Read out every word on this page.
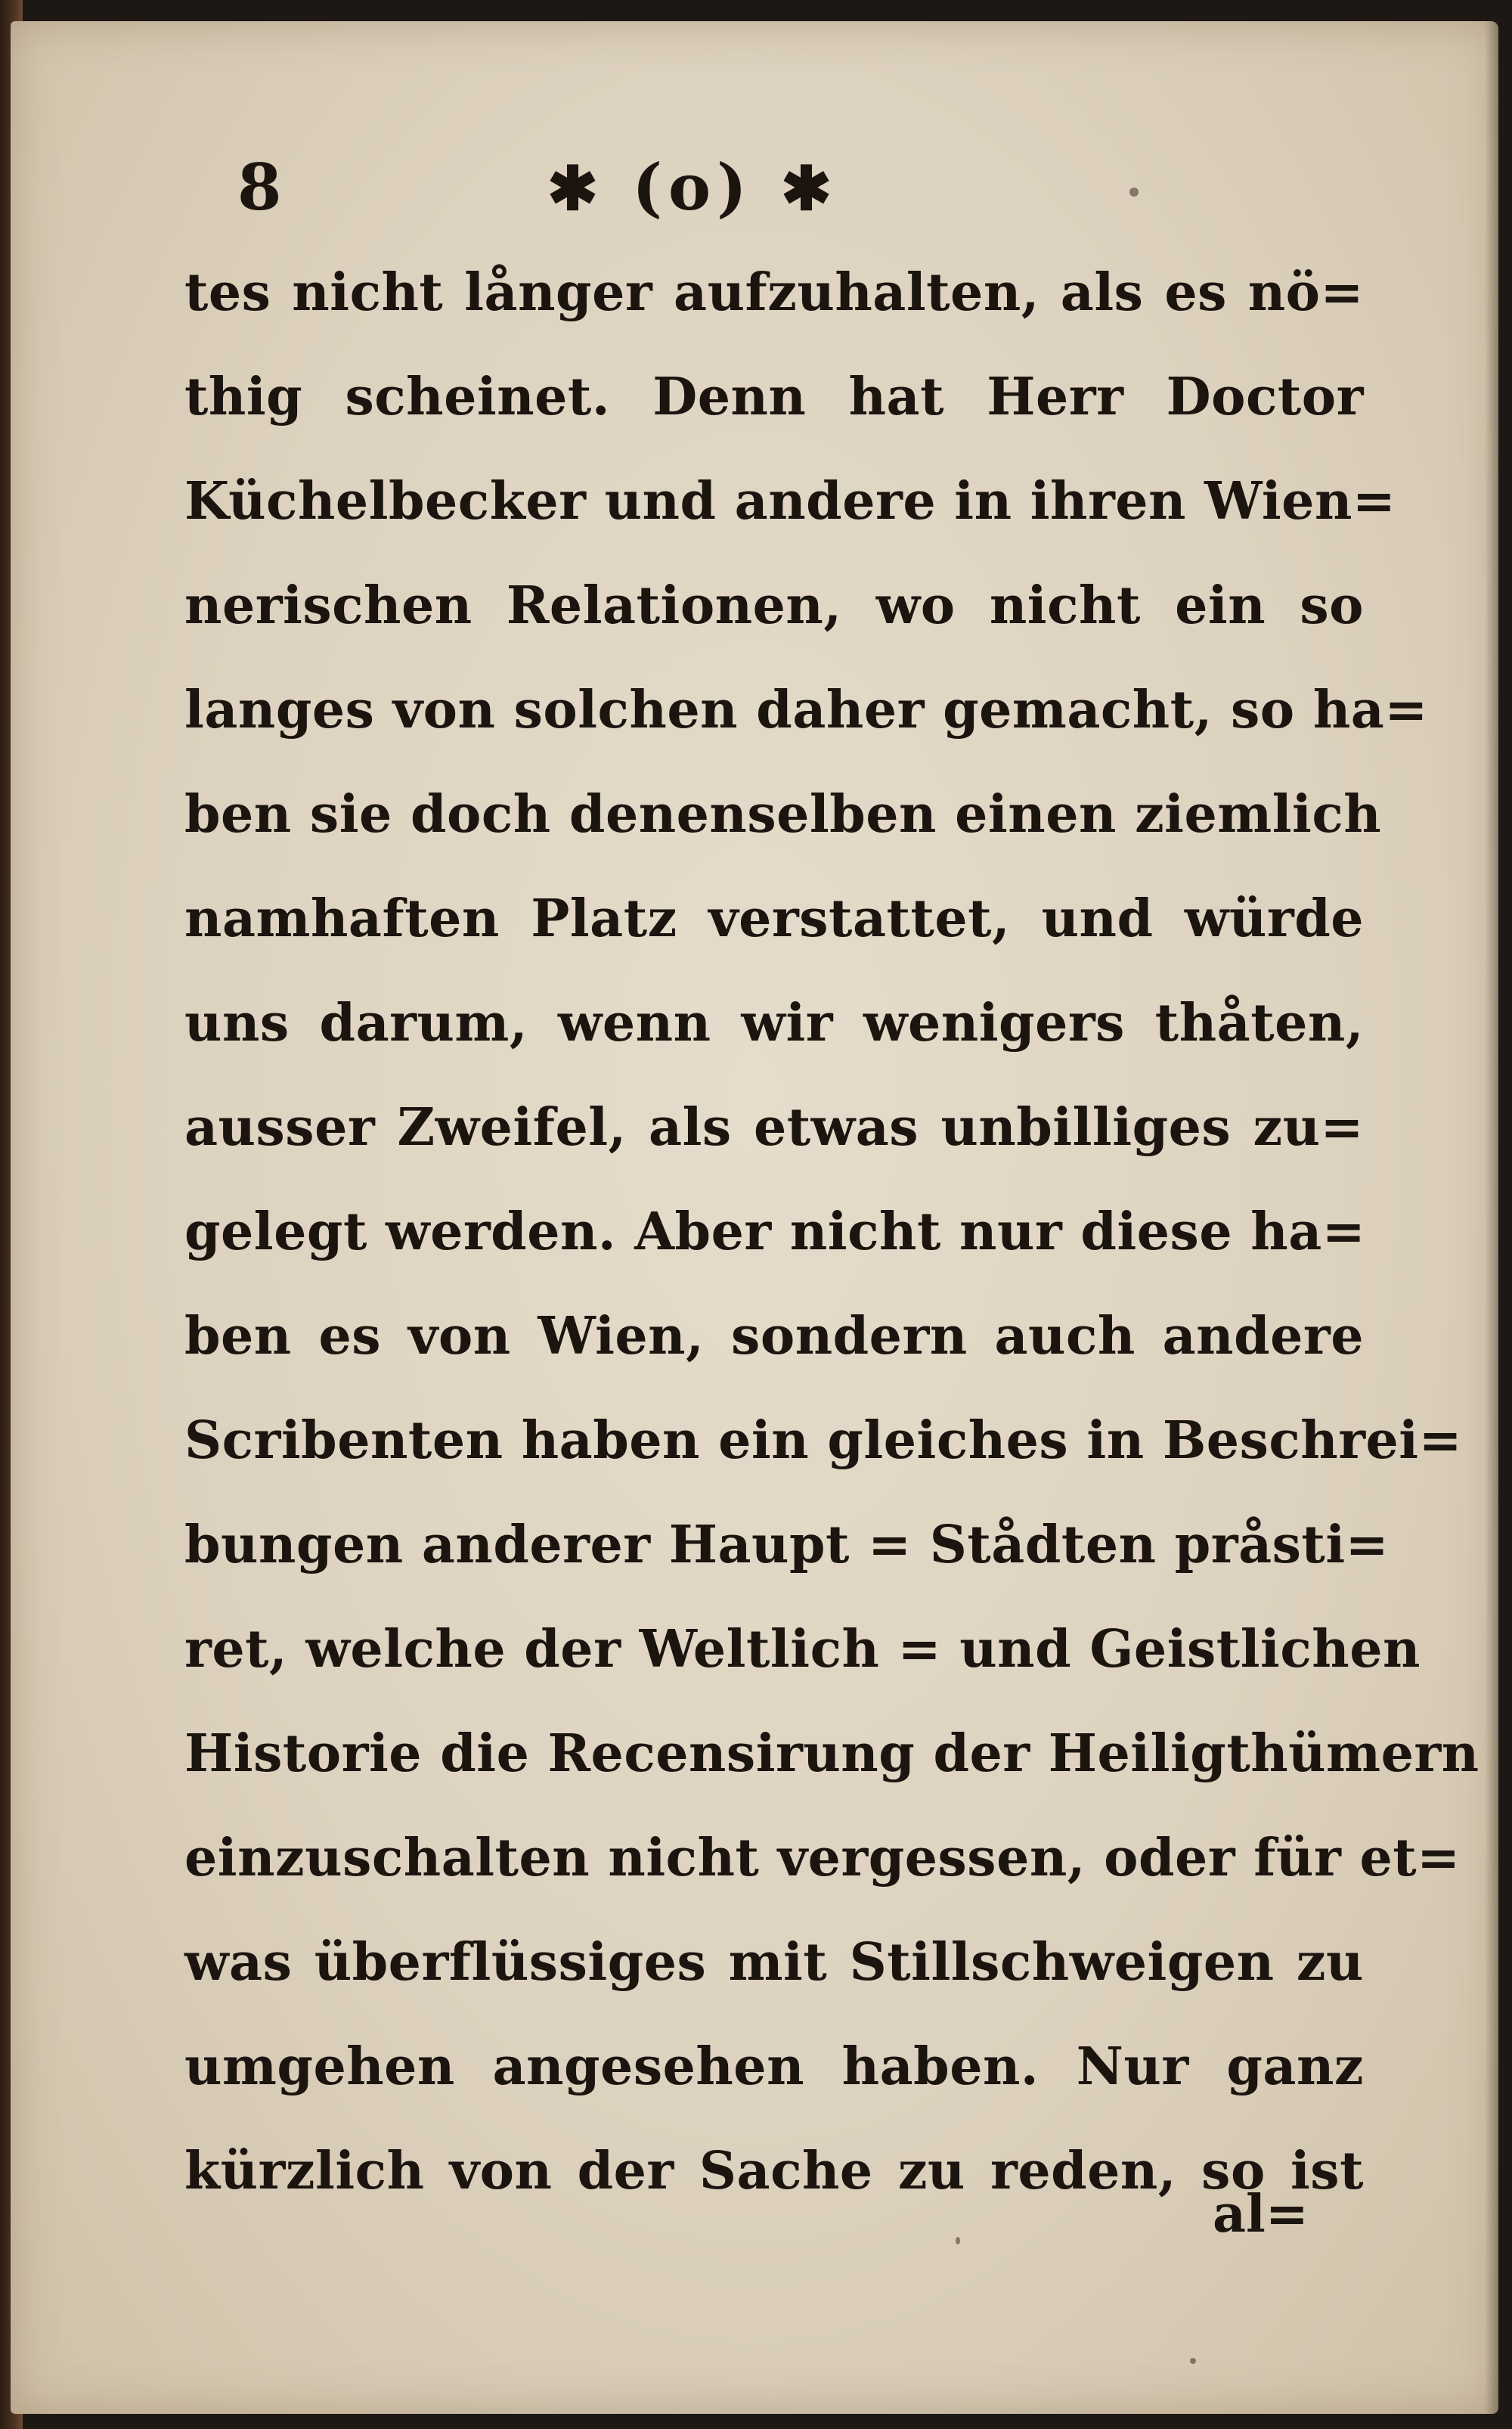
8	✱ (o) ✱
tes nicht långer aufzuhalten, als es nö=
thig scheinet. Denn hat Herr Doctor
Küchelbecker und andere in ihren Wien=
nerischen Relationen, wo nicht ein so
langes von solchen daher gemacht, so ha=
ben sie doch denenselben einen ziemlich
namhaften Platz verstattet, und würde
uns darum, wenn wir wenigers thåten,
ausser Zweifel, als etwas unbilliges zu=
gelegt werden. Aber nicht nur diese ha=
ben es von Wien, sondern auch andere
Scribenten haben ein gleiches in Beschrei=
bungen anderer Haupt = Stådten pråsti=
ret, welche der Weltlich = und Geistlichen
Historie die Recensirung der Heiligthümern
einzuschalten nicht vergessen, oder für et=
was überflüssiges mit Stillschweigen zu
umgehen angesehen haben. Nur ganz
kürzlich von der Sache zu reden, so ist
al=
